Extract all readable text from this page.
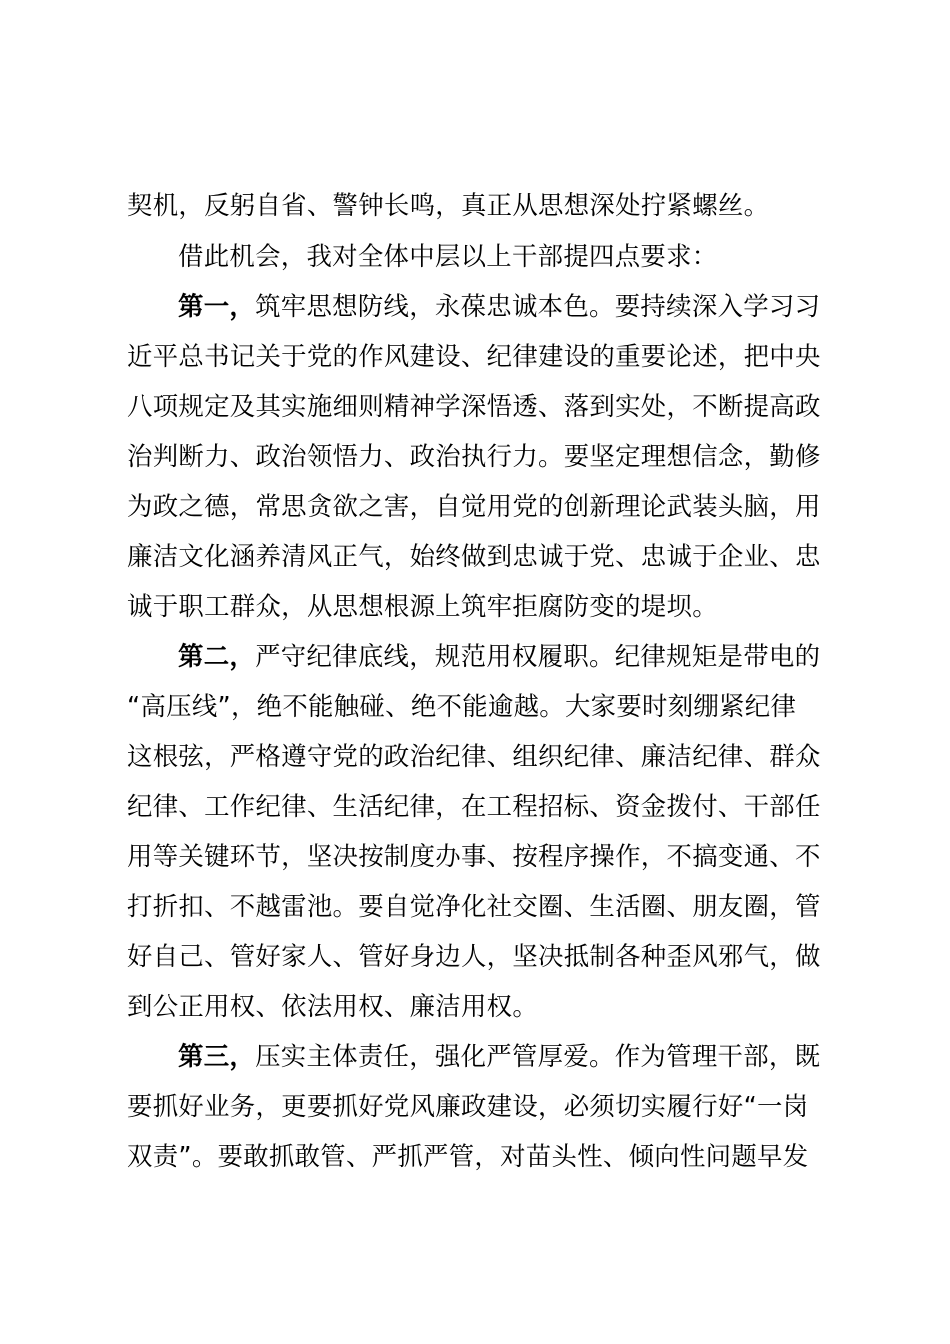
契机，反躬自省、警钟长鸣，真正从思想深处拧紧螺丝。
借此机会，我对全体中层以上干部提四点要求：
第一，筑牢思想防线，永葆忠诚本色。要持续深入学习习
近平总书记关于党的作风建设、纪律建设的重要论述，把中央
八项规定及其实施细则精神学深悟透、落到实处，不断提高政
治判断力、政治领悟力、政治执行力。要坚定理想信念，勤修
为政之德，常思贪欲之害，自觉用党的创新理论武装头脑，用
廉洁文化涵养清风正气，始终做到忠诚于党、忠诚于企业、忠
诚于职工群众，从思想根源上筑牢拒腐防变的堤坝。
第二，严守纪律底线，规范用权履职。纪律规矩是带电的
“高压线”，绝不能触碰、绝不能逾越。大家要时刻绷紧纪律
这根弦，严格遵守党的政治纪律、组织纪律、廉洁纪律、群众
纪律、工作纪律、生活纪律，在工程招标、资金拨付、干部任
用等关键环节，坚决按制度办事、按程序操作，不搞变通、不
打折扣、不越雷池。要自觉净化社交圈、生活圈、朋友圈，管
好自己、管好家人、管好身边人，坚决抵制各种歪风邪气，做
到公正用权、依法用权、廉洁用权。
第三，压实主体责任，强化严管厚爱。作为管理干部，既
要抓好业务，更要抓好党风廉政建设，必须切实履行好“一岗
双责”。要敢抓敢管、严抓严管，对苗头性、倾向性问题早发
